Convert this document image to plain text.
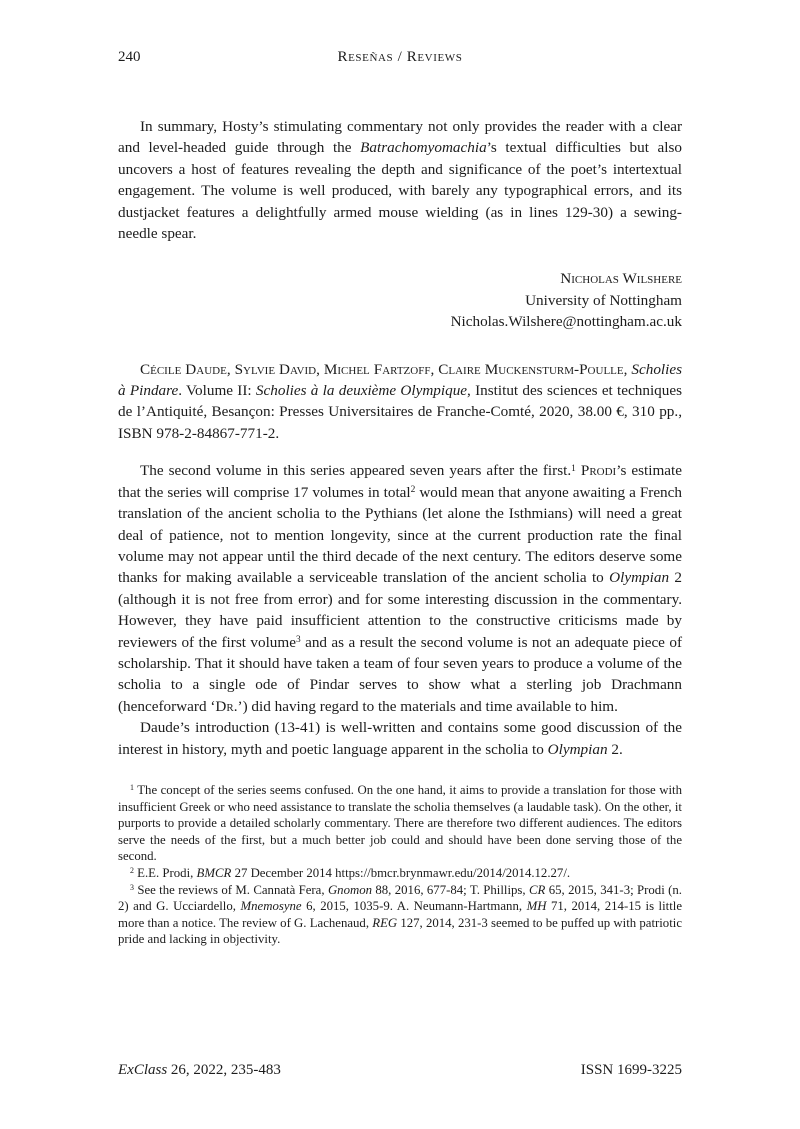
240	Reseñas / Reviews

In summary, Hosty’s stimulating commentary not only provides the reader with a clear and level-headed guide through the Batrachomyomachia’s textual difficulties but also uncovers a host of features revealing the depth and significance of the poet’s intertextual engagement. The volume is well produced, with barely any typographical errors, and its dustjacket features a delightfully armed mouse wielding (as in lines 129-30) a sewing-needle spear.

Nicholas Wilshere
University of Nottingham
Nicholas.Wilshere@nottingham.ac.uk

Cécile Daude, Sylvie David, Michel Fartzoff, Claire Muckensturm-Poulle, Scholies à Pindare. Volume II: Scholies à la deuxième Olympique, Institut des sciences et techniques de l’Antiquité, Besançon: Presses Universitaires de Franche-Comté, 2020, 38.00 €, 310 pp., ISBN 978-2-84867-771-2.

The second volume in this series appeared seven years after the first.$^1$ Prodi’s estimate that the series will comprise 17 volumes in total$^2$ would mean that anyone awaiting a French translation of the ancient scholia to the Pythians (let alone the Isthmians) will need a great deal of patience, not to mention longevity, since at the current production rate the final volume may not appear until the third decade of the next century. The editors deserve some thanks for making available a serviceable translation of the ancient scholia to Olympian 2 (although it is not free from error) and for some interesting discussion in the commentary. However, they have paid insufficient attention to the constructive criticisms made by reviewers of the first volume$^3$ and as a result the second volume is not an adequate piece of scholarship. That it should have taken a team of four seven years to produce a volume of the scholia to a single ode of Pindar serves to show what a sterling job Drachmann (henceforward ‘Dr.’) did having regard to the materials and time available to him.

Daude’s introduction (13-41) is well-written and contains some good discussion of the interest in history, myth and poetic language apparent in the scholia to Olympian 2.

$^1$ The concept of the series seems confused. On the one hand, it aims to provide a translation for those with insufficient Greek or who need assistance to translate the scholia themselves (a laudable task). On the other, it purports to provide a detailed scholarly commentary. There are therefore two different audiences. The editors serve the needs of the first, but a much better job could and should have been done serving those of the second.

$^2$ E.E. Prodi, BMCR 27 December 2014 https://bmcr.brynmawr.edu/2014/2014.12.27/.

$^3$ See the reviews of M. Cannatà Fera, Gnomon 88, 2016, 677-84; T. Phillips, CR 65, 2015, 341-3; Prodi (n. 2) and G. Ucciardello, Mnemosyne 6, 2015, 1035-9. A. Neumann-Hartmann, MH 71, 2014, 214-15 is little more than a notice. The review of G. Lachenaud, REG 127, 2014, 231-3 seemed to be puffed up with patriotic pride and lacking in objectivity.

ExClass 26, 2022, 235-483	ISSN 1699-3225
